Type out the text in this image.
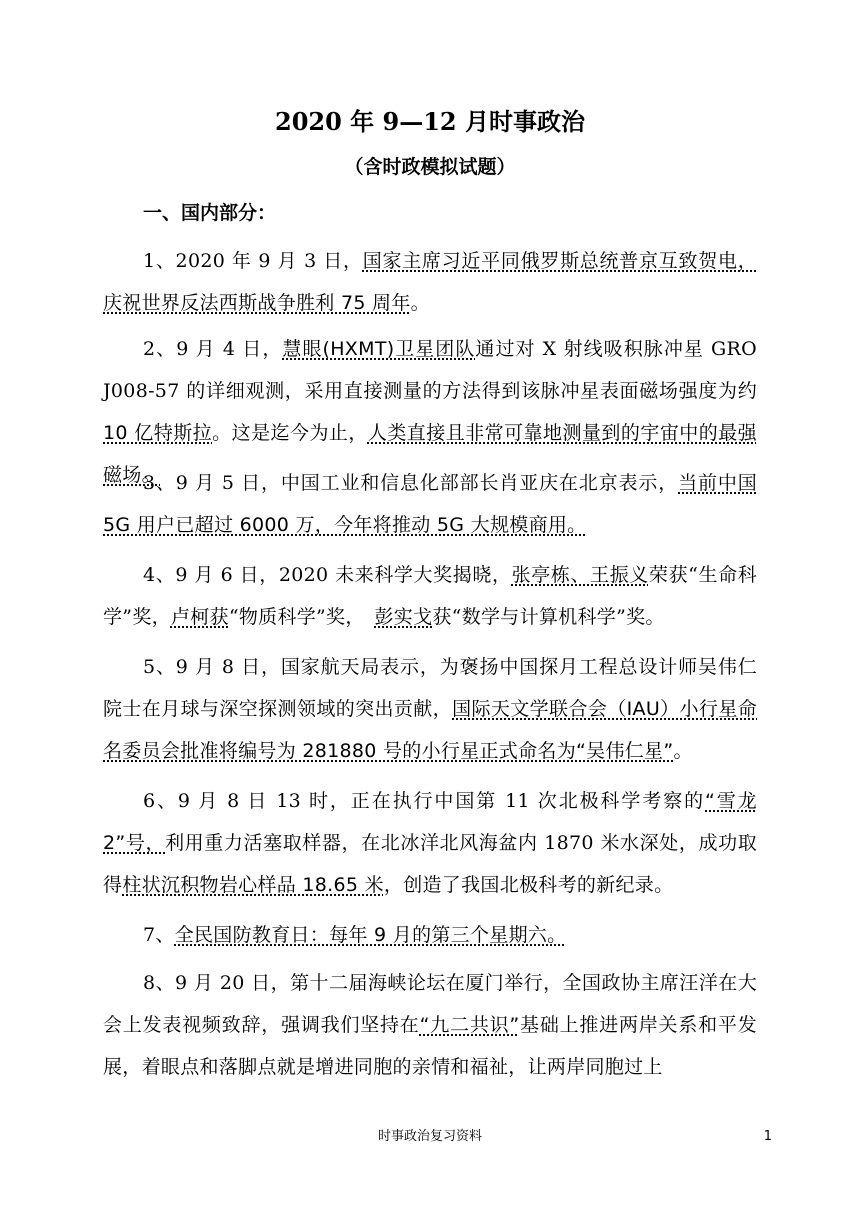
2020 年 9—12 月时事政治
（含时政模拟试题）
一、国内部分：

1、2020 年 9 月 3 日，国家主席习近平同俄罗斯总统普京互致贺电，庆祝世界反法西斯战争胜利 75 周年。

2、9 月 4 日，慧眼(HXMT)卫星团队通过对 X 射线吸积脉冲星 GRO J008-57 的详细观测，采用直接测量的方法得到该脉冲星表面磁场强度为约 10 亿特斯拉。这是迄今为止，人类直接且非常可靠地测量到的宇宙中的最强磁场。

3、9 月 5 日，中国工业和信息化部部长肖亚庆在北京表示，当前中国 5G 用户已超过 6000 万，今年将推动 5G 大规模商用。

4、9 月 6 日，2020 未来科学大奖揭晓，张亭栋、王振义荣获“生命科学”奖，卢柯获“物质科学”奖，　彭实戈获“数学与计算机科学”奖。

5、9 月 8 日，国家航天局表示，为褒扬中国探月工程总设计师吴伟仁院士在月球与深空探测领域的突出贡献，国际天文学联合会（IAU）小行星命名委员会批准将编号为 281880 号的小行星正式命名为“吴伟仁星”。

6、9 月 8 日 13 时，正在执行中国第 11 次北极科学考察的“雪龙 2”号，利用重力活塞取样器，在北冰洋北风海盆内 1870 米水深处，成功取得柱状沉积物岩心样品 18.65 米，创造了我国北极科考的新纪录。

7、全民国防教育日：每年 9 月的第三个星期六。

8、9 月 20 日，第十二届海峡论坛在厦门举行，全国政协主席汪洋在大会上发表视频致辞，强调我们坚持在“九二共识”基础上推进两岸关系和平发展，着眼点和落脚点就是增进同胞的亲情和福祉，让两岸同胞过上

时事政治复习资料	1
